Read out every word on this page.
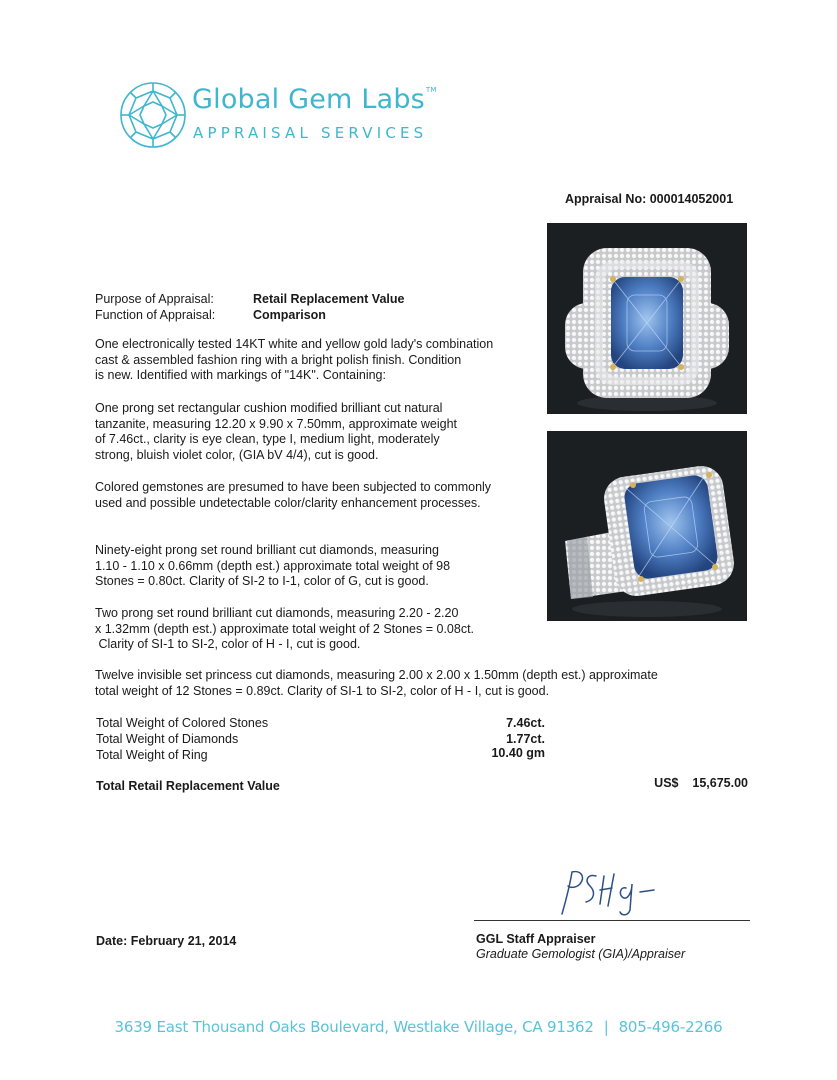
Global Gem Labs™
APPRAISAL SERVICES
Appraisal No: 000014052001
Purpose of Appraisal:	Retail Replacement Value
Function of Appraisal:	Comparison
One electronically tested 14KT white and yellow gold lady's combination
cast & assembled fashion ring with a bright polish finish. Condition
is new. Identified with markings of "14K". Containing:
One prong set rectangular cushion modified brilliant cut natural
tanzanite, measuring 12.20 x 9.90 x 7.50mm, approximate weight
of 7.46ct., clarity is eye clean, type I, medium light, moderately
strong, bluish violet color, (GIA bV 4/4), cut is good.
Colored gemstones are presumed to have been subjected to commonly
used and possible undetectable color/clarity enhancement processes.
Ninety-eight prong set round brilliant cut diamonds, measuring
1.10 - 1.10 x 0.66mm (depth est.) approximate total weight of 98
Stones = 0.80ct. Clarity of SI-2 to I-1, color of G, cut is good.
Two prong set round brilliant cut diamonds, measuring 2.20 - 2.20
x 1.32mm (depth est.) approximate total weight of 2 Stones = 0.08ct.
Clarity of SI-1 to SI-2, color of H - I, cut is good.
Twelve invisible set princess cut diamonds, measuring 2.00 x 2.00 x 1.50mm (depth est.) approximate
total weight of 12 Stones = 0.89ct. Clarity of SI-1 to SI-2, color of H - I, cut is good.
Total Weight of Colored Stones	7.46ct.
Total Weight of Diamonds	1.77ct.
Total Weight of Ring	10.40 gm
Total Retail Replacement Value	US$    15,675.00
GGL Staff Appraiser
Graduate Gemologist (GIA)/Appraiser
Date: February 21, 2014
3639 East Thousand Oaks Boulevard, Westlake Village, CA 91362 | 805-496-2266
